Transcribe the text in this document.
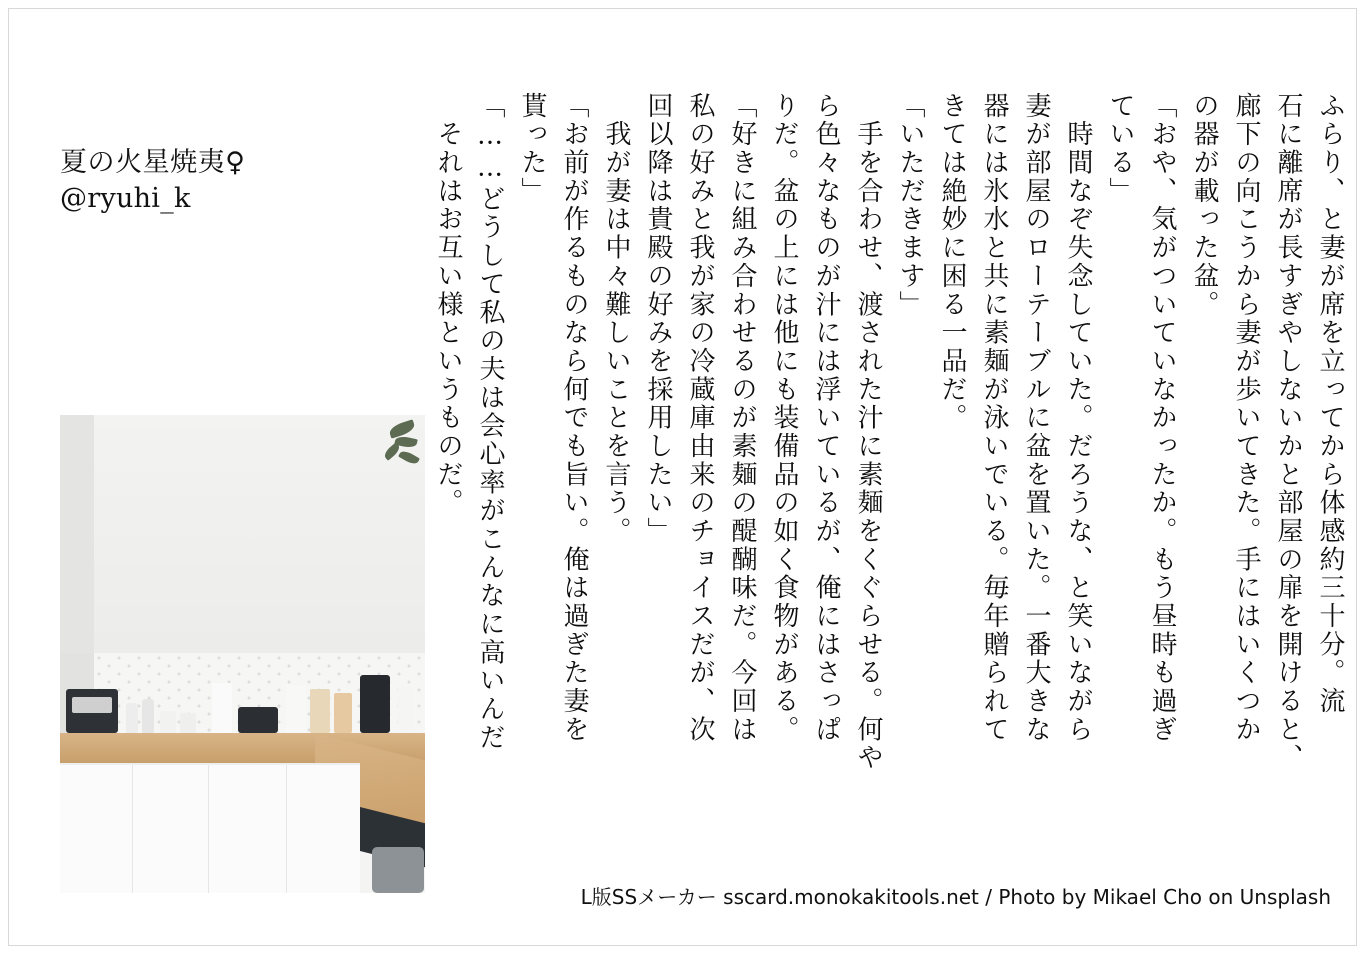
夏の火星焼夷♀
@ryuhi_k	ふらり、と妻が席を立ってから体感約三十分。流
石に離席が長すぎやしないかと部屋の扉を開けると、
廊下の向こうから妻が歩いてきた。手にはいくつか
の器が載った盆。
「おや、気がついていなかったか。もう昼時も過ぎ
ている」
　時間なぞ失念していた。だろうな、と笑いながら
妻が部屋のローテーブルに盆を置いた。一番大きな
器には氷水と共に素麺が泳いでいる。毎年贈られて
きては絶妙に困る一品だ。
「いただきます」
　手を合わせ、渡された汁に素麺をくぐらせる。何や
ら色々なものが汁には浮いているが、俺にはさっぱ
りだ。盆の上には他にも装備品の如く食物がある。
「好きに組み合わせるのが素麺の醍醐味だ。今回は
私の好みと我が家の冷蔵庫由来のチョイスだが、次
回以降は貴殿の好みを採用したい」
　我が妻は中々難しいことを言う。
「お前が作るものなら何でも旨い。俺は過ぎた妻を
貰った」
「……どうして私の夫は会心率がこんなに高いんだ
　それはお互い様というものだ。
L版SSメーカー sscard.monokakitools.net / Photo by Mikael Cho on Unsplash
